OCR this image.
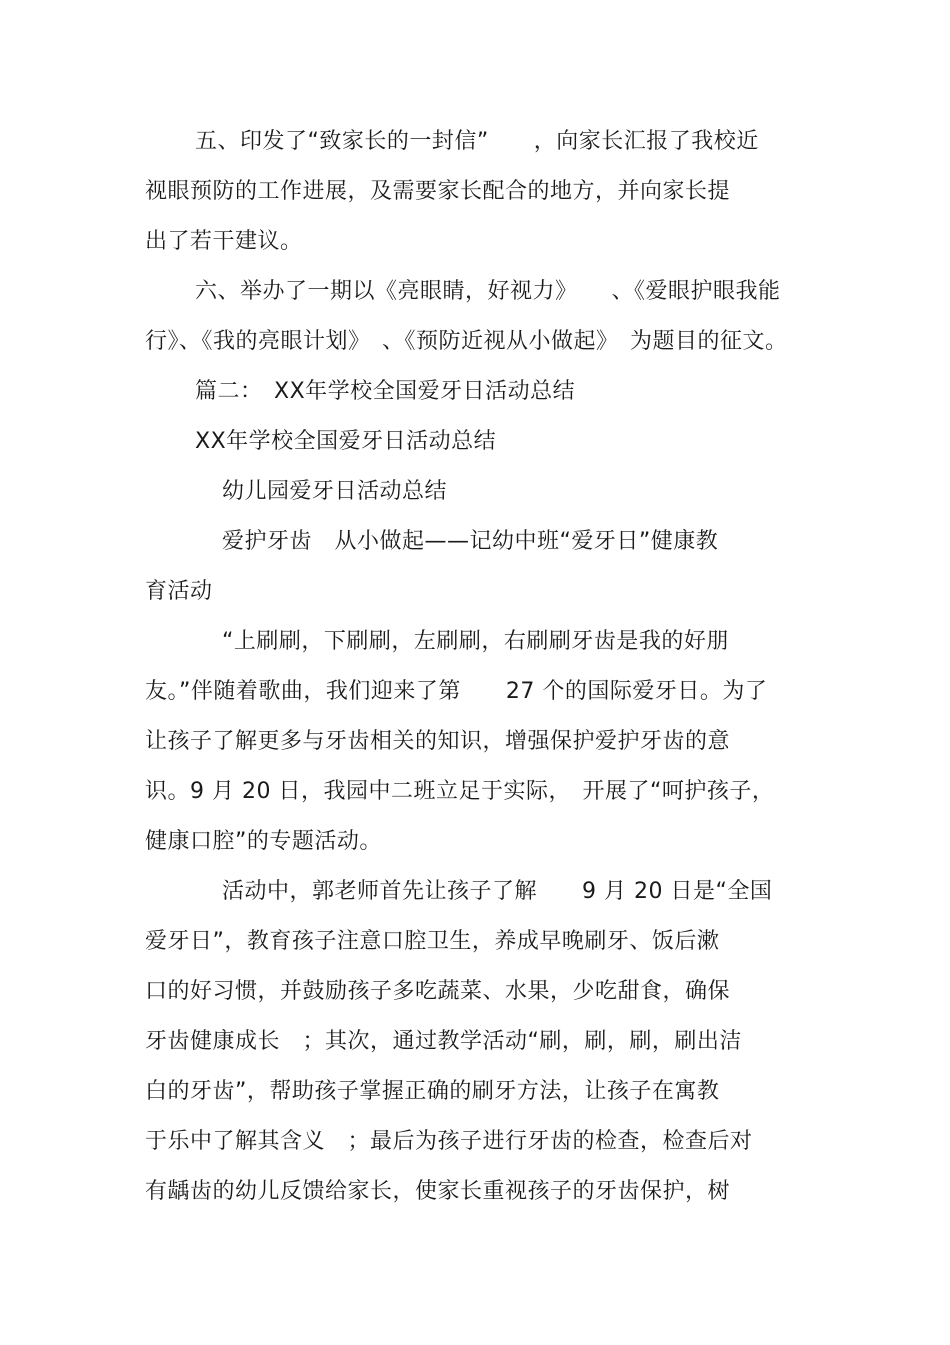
五、印发了“致家长的一封信”　　，向家长汇报了我校近
视眼预防的工作进展，及需要家长配合的地方，并向家长提
出了若干建议。
六、举办了一期以《亮眼睛，好视力》　　、《爱眼护眼我能
行》、《我的亮眼计划》　、《预防近视从小做起》　为题目的征文。
篇二：　XX年学校全国爱牙日活动总结
XX年学校全国爱牙日活动总结
幼儿园爱牙日活动总结
爱护牙齿　从小做起——记幼中班“爱牙日”健康教
育活动
“上刷刷，下刷刷，左刷刷，右刷刷牙齿是我的好朋
友。”伴随着歌曲，我们迎来了第　　27 个的国际爱牙日。为了
让孩子了解更多与牙齿相关的知识，增强保护爱护牙齿的意
识。9 月 20 日，我园中二班立足于实际，　开展了“呵护孩子，
健康口腔”的专题活动。
活动中，郭老师首先让孩子了解　　9 月 20 日是“全国
爱牙日”，教育孩子注意口腔卫生，养成早晚刷牙、饭后漱
口的好习惯，并鼓励孩子多吃蔬菜、水果，少吃甜食，确保
牙齿健康成长　；其次，通过教学活动“刷，刷，刷，刷出洁
白的牙齿”，帮助孩子掌握正确的刷牙方法，让孩子在寓教
于乐中了解其含义　；最后为孩子进行牙齿的检查，检查后对
有龋齿的幼儿反馈给家长，使家长重视孩子的牙齿保护，树
